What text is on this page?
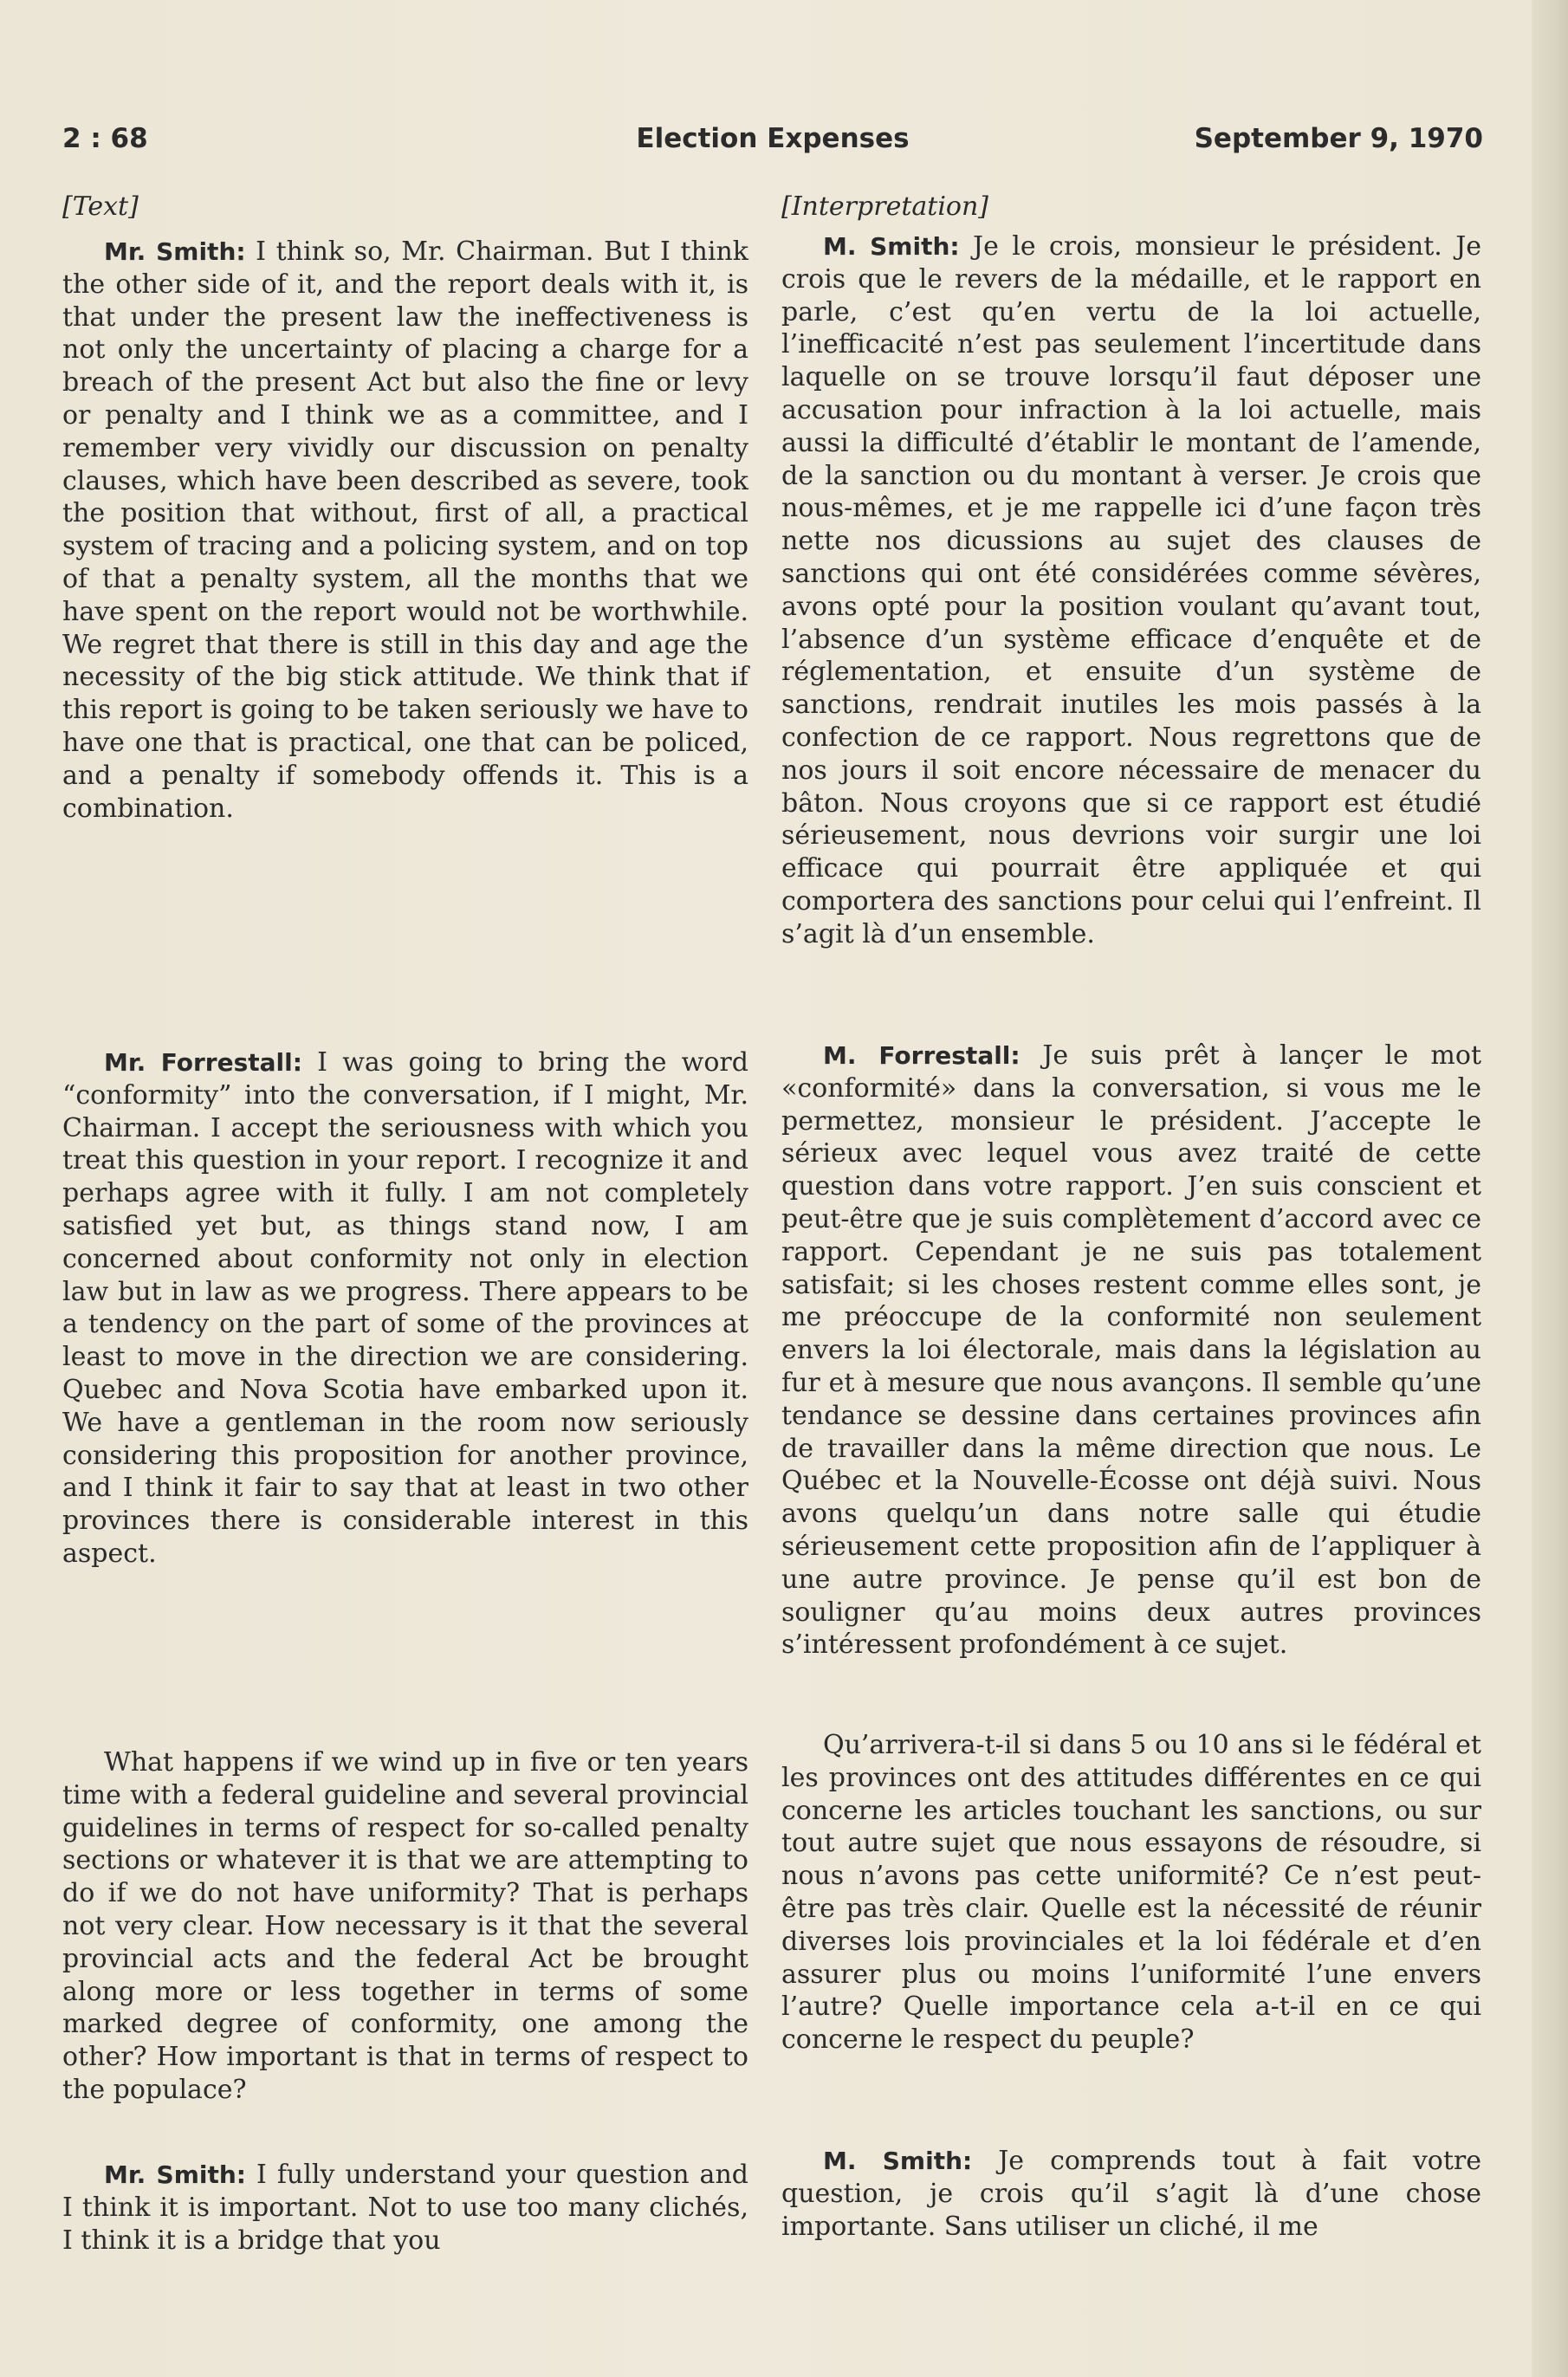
2 : 68	Election Expenses	September 9, 1970
[Text]

Mr. Smith: I think so, Mr. Chairman. But I think the other side of it, and the report deals with it, is that under the present law the ineffectiveness is not only the uncertainty of placing a charge for a breach of the present Act but also the fine or levy or penalty and I think we as a committee, and I remember very vividly our discussion on penalty clauses, which have been described as severe, took the position that without, first of all, a practical system of tracing and a policing system, and on top of that a penalty system, all the months that we have spent on the report would not be worthwhile. We regret that there is still in this day and age the necessity of the big stick attitude. We think that if this report is going to be taken seriously we have to have one that is practical, one that can be policed, and a penalty if somebody offends it. This is a combination.

Mr. Forrestall: I was going to bring the word “conformity” into the conversation, if I might, Mr. Chairman. I accept the seriousness with which you treat this question in your report. I recognize it and perhaps agree with it fully. I am not completely satisfied yet but, as things stand now, I am concerned about conformity not only in election law but in law as we progress. There appears to be a tendency on the part of some of the provinces at least to move in the direction we are considering. Quebec and Nova Scotia have embarked upon it. We have a gentleman in the room now seriously considering this proposition for another province, and I think it fair to say that at least in two other provinces there is considerable interest in this aspect.

What happens if we wind up in five or ten years time with a federal guideline and several provincial guidelines in terms of respect for so-called penalty sections or whatever it is that we are attempting to do if we do not have uniformity? That is perhaps not very clear. How necessary is it that the several provincial acts and the federal Act be brought along more or less together in terms of some marked degree of conformity, one among the other? How important is that in terms of respect to the populace?

Mr. Smith: I fully understand your question and I think it is important. Not to use too many clichés, I think it is a bridge that you

[Interpretation]

M. Smith: Je le crois, monsieur le président. Je crois que le revers de la médaille, et le rapport en parle, c’est qu’en vertu de la loi actuelle, l’inefficacité n’est pas seulement l’incertitude dans laquelle on se trouve lorsqu’il faut déposer une accusation pour infraction à la loi actuelle, mais aussi la difficulté d’établir le montant de l’amende, de la sanction ou du montant à verser. Je crois que nous-mêmes, et je me rappelle ici d’une façon très nette nos dicussions au sujet des clauses de sanctions qui ont été considérées comme sévères, avons opté pour la position voulant qu’avant tout, l’absence d’un système efficace d’enquête et de réglementation, et ensuite d’un système de sanctions, rendrait inutiles les mois passés à la confection de ce rapport. Nous regrettons que de nos jours il soit encore nécessaire de menacer du bâton. Nous croyons que si ce rapport est étudié sérieusement, nous devrions voir surgir une loi efficace qui pourrait être appliquée et qui comportera des sanctions pour celui qui l’enfreint. Il s’agit là d’un ensemble.

M. Forrestall: Je suis prêt à lançer le mot «conformité» dans la conversation, si vous me le permettez, monsieur le président. J’accepte le sérieux avec lequel vous avez traité de cette question dans votre rapport. J’en suis conscient et peut-être que je suis complètement d’accord avec ce rapport. Cependant je ne suis pas totalement satisfait; si les choses restent comme elles sont, je me préoccupe de la conformité non seulement envers la loi électorale, mais dans la législation au fur et à mesure que nous avançons. Il semble qu’une tendance se dessine dans certaines provinces afin de travailler dans la même direction que nous. Le Québec et la Nouvelle-Écosse ont déjà suivi. Nous avons quelqu’un dans notre salle qui étudie sérieusement cette proposition afin de l’appliquer à une autre province. Je pense qu’il est bon de souligner qu’au moins deux autres provinces s’intéressent profondément à ce sujet.

Qu’arrivera-t-il si dans 5 ou 10 ans si le fédéral et les provinces ont des attitudes différentes en ce qui concerne les articles touchant les sanctions, ou sur tout autre sujet que nous essayons de résoudre, si nous n’avons pas cette uniformité? Ce n’est peut-être pas très clair. Quelle est la nécessité de réunir diverses lois provinciales et la loi fédérale et d’en assurer plus ou moins l’uniformité l’une envers l’autre? Quelle importance cela a-t-il en ce qui concerne le respect du peuple?

M. Smith: Je comprends tout à fait votre question, je crois qu’il s’agit là d’une chose importante. Sans utiliser un cliché, il me
